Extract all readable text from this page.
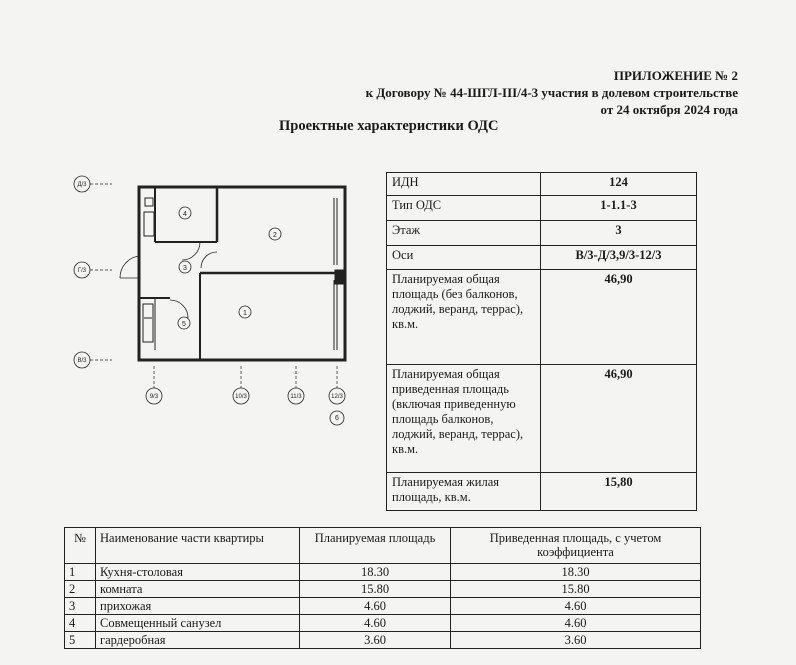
ПРИЛОЖЕНИЕ № 2
к Договору № 44-ШГЛ-III/4-3 участия в долевом строительстве
от 24 октября 2024 года
Проектные характеристики ОДС
Д/3
Г/3
В/3
9/3	10/3	11/3	12/3
6
1
2
3
4
5
ИДН	124
Тип ОДС	1-1.1-3
Этаж	3
Оси	В/3-Д/3,9/3-12/3
Планируемая общая площадь (без балконов, лоджий, веранд, террас), кв.м.	46,90
Планируемая общая приведенная площадь (включая приведенную площадь балконов, лоджий, веранд, террас), кв.м.	46,90
Планируемая жилая площадь, кв.м.	15,80
№	Наименование части квартиры	Планируемая площадь	Приведенная площадь, с учетом коэффициента
1	Кухня-столовая	18.30	18.30
2	комната	15.80	15.80
3	прихожая	4.60	4.60
4	Совмещенный санузел	4.60	4.60
5	гардеробная	3.60	3.60
